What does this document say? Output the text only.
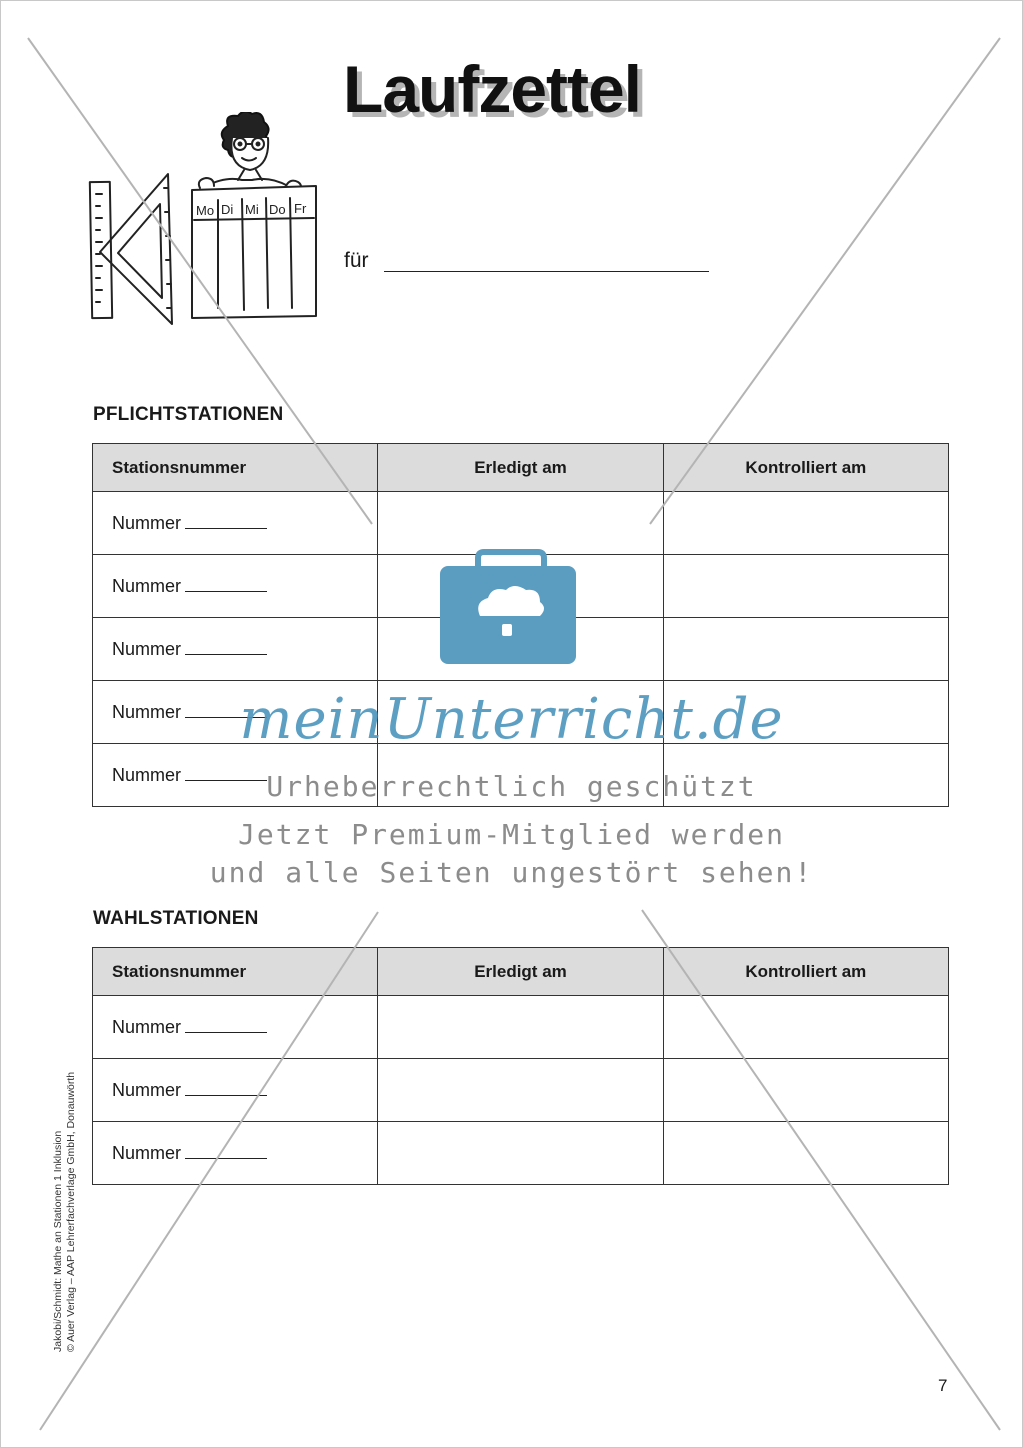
Laufzettel
Mo Di Mi Do Fr
für
PFLICHTSTATIONEN
Stationsnummer	Erledigt am	Kontrolliert am
Nummer		
Nummer		
Nummer		
Nummer		
Nummer		
WAHLSTATIONEN
Stationsnummer	Erledigt am	Kontrolliert am
Nummer		
Nummer		
Nummer		
Jakobi/Schmidt: Mathe an Stationen 1 Inklusion © Auer Verlag – AAP Lehrerfachverlage GmbH, Donauwörth
7
meinUnterricht.de
Urheberrechtlich geschützt
Jetzt Premium-Mitglied werden
und alle Seiten ungestört sehen!
